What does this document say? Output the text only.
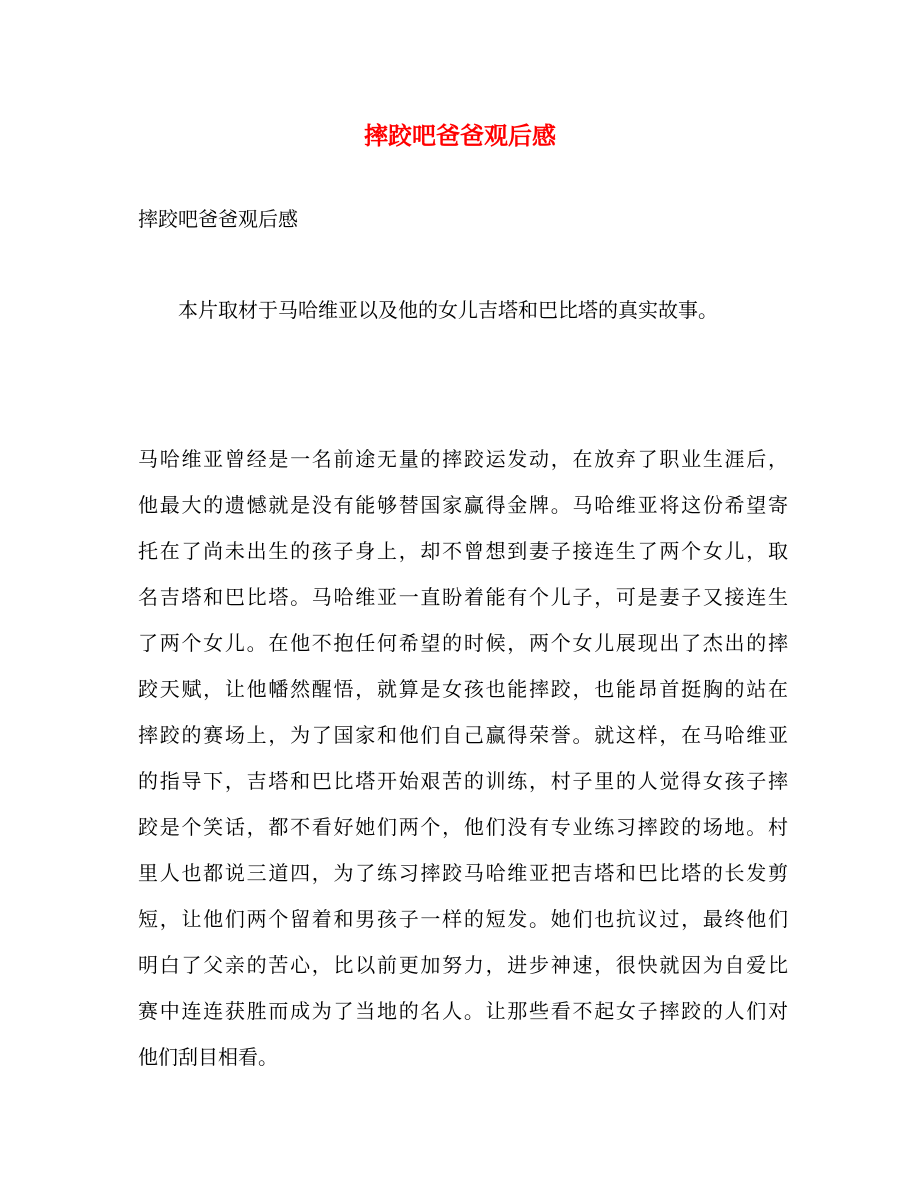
摔跤吧爸爸观后感
摔跤吧爸爸观后感
本片取材于马哈维亚以及他的女儿吉塔和巴比塔的真实故事。
马哈维亚曾经是一名前途无量的摔跤运发动，在放弃了职业生涯后，
他最大的遗憾就是没有能够替国家赢得金牌。马哈维亚将这份希望寄
托在了尚未出生的孩子身上，却不曾想到妻子接连生了两个女儿，取
名吉塔和巴比塔。马哈维亚一直盼着能有个儿子，可是妻子又接连生
了两个女儿。在他不抱任何希望的时候，两个女儿展现出了杰出的摔
跤天赋，让他幡然醒悟，就算是女孩也能摔跤，也能昂首挺胸的站在
摔跤的赛场上，为了国家和他们自己赢得荣誉。就这样，在马哈维亚
的指导下，吉塔和巴比塔开始艰苦的训练，村子里的人觉得女孩子摔
跤是个笑话，都不看好她们两个，他们没有专业练习摔跤的场地。村
里人也都说三道四，为了练习摔跤马哈维亚把吉塔和巴比塔的长发剪
短，让他们两个留着和男孩子一样的短发。她们也抗议过，最终他们
明白了父亲的苦心，比以前更加努力，进步神速，很快就因为自爱比
赛中连连获胜而成为了当地的名人。让那些看不起女子摔跤的人们对
他们刮目相看。
